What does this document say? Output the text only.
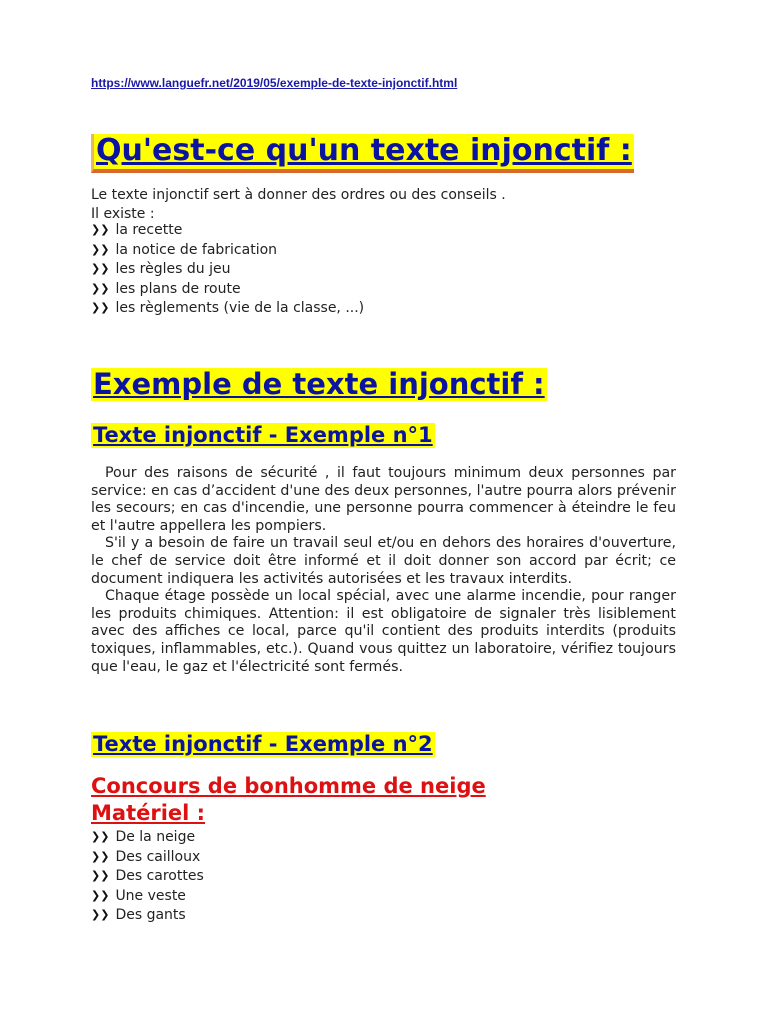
https://www.languefr.net/2019/05/exemple-de-texte-injonctif.html
Qu'est-ce qu'un texte injonctif :
Le texte injonctif sert à donner des ordres ou des conseils .
Il existe :
❯❯ la recette
❯❯ la notice de fabrication
❯❯ les règles du jeu
❯❯ les plans de route
❯❯ les règlements (vie de la classe, ...)
Exemple de texte injonctif :
Texte injonctif - Exemple n°1

Pour des raisons de sécurité , il faut toujours minimum deux personnes par service: en cas d’accident d'une des deux personnes, l'autre pourra alors prévenir les secours; en cas d'incendie, une personne pourra commencer à éteindre le feu et l'autre appellera les pompiers.

S'il y a besoin de faire un travail seul et/ou en dehors des horaires d'ouverture, le chef de service doit être informé et il doit donner son accord par écrit; ce document indiquera les activités autorisées et les travaux interdits.

Chaque étage possède un local spécial, avec une alarme incendie, pour ranger les produits chimiques. Attention: il est obligatoire de signaler très lisiblement avec des affiches ce local, parce qu'il contient des produits interdits (produits toxiques, inflammables, etc.). Quand vous quittez un laboratoire, vérifiez toujours que l'eau, le gaz et l'électricité sont fermés.

Texte injonctif - Exemple n°2
Concours de bonhomme de neige
Matériel :
❯❯ De la neige
❯❯ Des cailloux
❯❯ Des carottes
❯❯ Une veste
❯❯ Des gants
